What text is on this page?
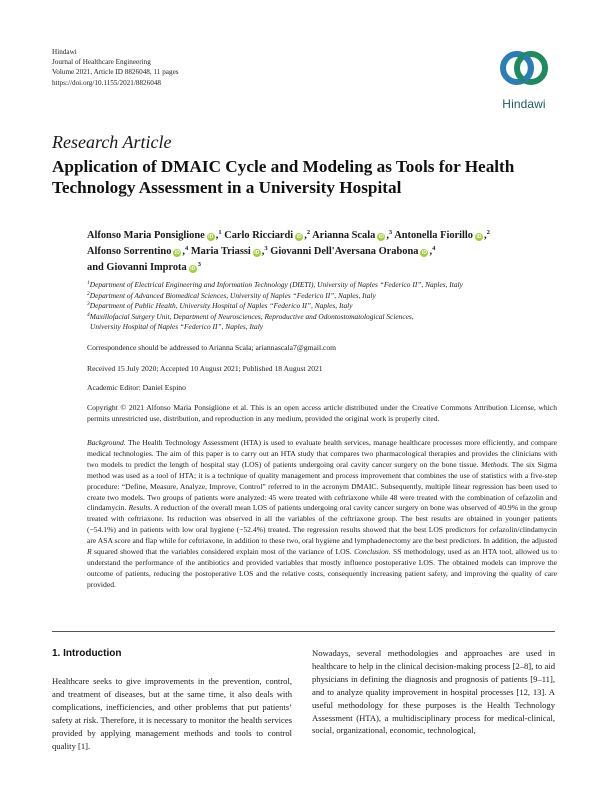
Hindawi
Journal of Healthcare Engineering
Volume 2021, Article ID 8826048, 11 pages
https://doi.org/10.1155/2021/8826048
Hindawi
Research Article
Application of DMAIC Cycle and Modeling as Tools for Health Technology Assessment in a University Hospital
Alfonso Maria Ponsiglione iD ,$^1$ Carlo Ricciardi iD ,$^2$ Arianna Scala iD ,$^3$ Antonella Fiorillo iD ,$^2$
Alfonso Sorrentino iD ,$^4$ Maria Triassi iD ,$^3$ Giovanni Dell'Aversana Orabona iD ,$^4$
and Giovanni Improta $iD^3$
$^1$Department of Electrical Engineering and Information Technology (DIETI), University of Naples “Federico II”, Naples, Italy
$^2$Department of Advanced Biomedical Sciences, University of Naples “Federico II”, Naples, Italy
$^3$Department of Public Health, University Hospital of Naples “Federico II”, Naples, Italy
$^4$Maxillofacial Surgery Unit, Department of Neurosciences, Reproductive and Odontostomatological Sciences,
University Hospital of Naples “Federico II”, Naples, Italy
Correspondence should be addressed to Arianna Scala; ariannascala7@gmail.com
Received 15 July 2020; Accepted 10 August 2021; Published 18 August 2021
Academic Editor: Daniel Espino
Copyright © 2021 Alfonso Maria Ponsiglione et al. This is an open access article distributed under the Creative Commons Attribution License, which permits unrestricted use, distribution, and reproduction in any medium, provided the original work is properly cited.
Background. The Health Technology Assessment (HTA) is used to evaluate health services, manage healthcare processes more efficiently, and compare medical technologies. The aim of this paper is to carry out an HTA study that compares two pharmacological therapies and provides the clinicians with two models to predict the length of hospital stay (LOS) of patients undergoing oral cavity cancer surgery on the bone tissue. Methods. The six Sigma method was used as a tool of HTA; it is a technique of quality management and process improvement that combines the use of statistics with a five-step procedure: “Define, Measure, Analyze, Improve, Control” referred to in the acronym DMAIC. Subsequently, multiple linear regression has been used to create two models. Two groups of patients were analyzed: 45 were treated with ceftriaxone while 48 were treated with the combination of cefazolin and clindamycin. Results. A reduction of the overall mean LOS of patients undergoing oral cavity cancer surgery on bone was observed of 40.9% in the group treated with ceftriaxone. Its reduction was observed in all the variables of the ceftriaxone group. The best results are obtained in younger patients (−54.1%) and in patients with low oral hygiene (−52.4%) treated. The regression results showed that the best LOS predictors for cefazolin/clindamycin are ASA score and flap while for ceftriaxone, in addition to these two, oral hygiene and lymphadenectomy are the best predictors. In addition, the adjusted R squared showed that the variables considered explain most of the variance of LOS. Conclusion. SS methodology, used as an HTA tool, allowed us to understand the performance of the antibiotics and provided variables that mostly influence postoperative LOS. The obtained models can improve the outcome of patients, reducing the postoperative LOS and the relative costs, consequently increasing patient safety, and improving the quality of care provided.
1. Introduction
Healthcare seeks to give improvements in the prevention, control, and treatment of diseases, but at the same time, it also deals with complications, inefficiencies, and other problems that put patients’ safety at risk. Therefore, it is necessary to monitor the health services provided by applying management methods and tools to control quality [1].
Nowadays, several methodologies and approaches are used in healthcare to help in the clinical decision-making process [2–8], to aid physicians in defining the diagnosis and prognosis of patients [9–11], and to analyze quality improvement in hospital processes [12, 13]. A useful methodology for these purposes is the Health Technology Assessment (HTA), a multidisciplinary process for medical-clinical, social, organizational, economic, technological,
